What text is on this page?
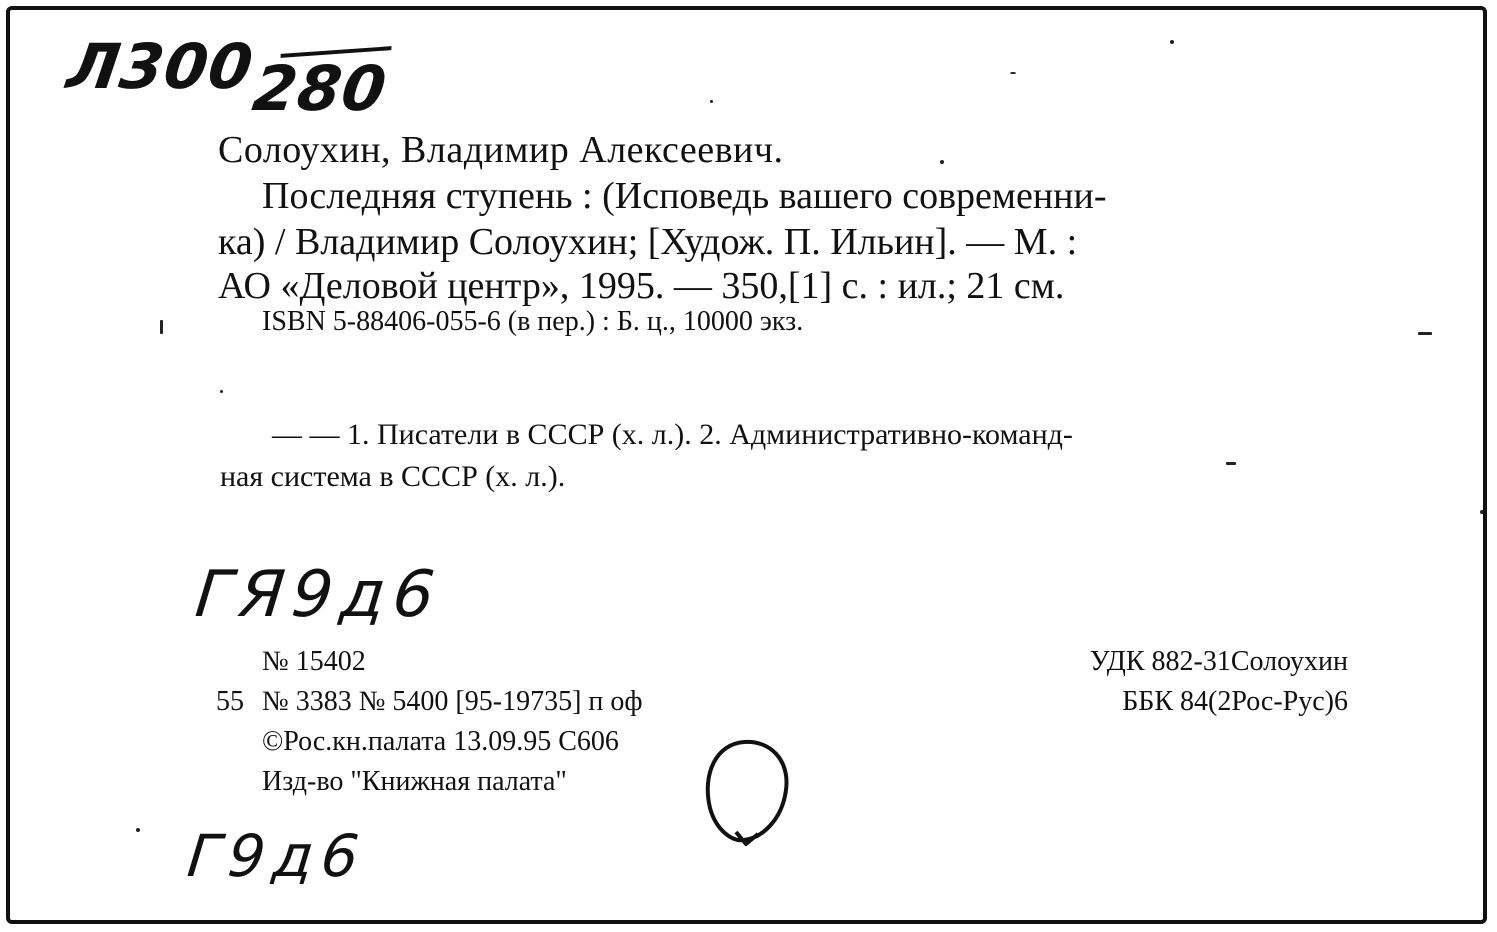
Л300280
Солоухин, Владимир Алексеевич.
Последняя ступень : (Исповедь вашего современни-
ка) / Владимир Солоухин; [Худож. П. Ильин]. — М. :
АО «Деловой центр», 1995. — 350,[1] с. : ил.; 21 см.
ISBN 5-88406-055-6 (в пер.) : Б. ц., 10000 экз.
— — 1. Писатели в СССР (х. л.). 2. Административно-команд-
ная система в СССР (х. л.).
ГЯ9д6
Г9д6
№ 15402
55 № 3383 № 5400 [95-19735] п оф
©Рос.кн.палата 13.09.95 С606
Изд-во "Книжная палата"
УДК 882-31Солоухин
ББК 84(2Рос-Рус)6
